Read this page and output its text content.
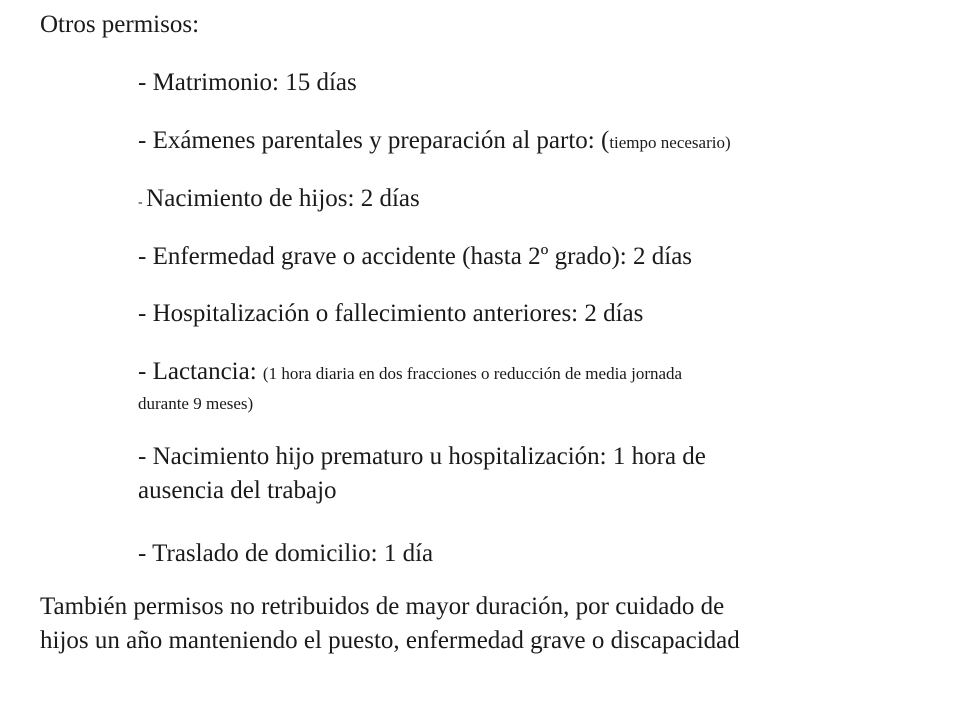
Otros permisos:

- Matrimonio: 15 días

- Exámenes parentales y preparación al parto: (tiempo necesario)

- Nacimiento de hijos: 2 días

- Enfermedad grave o accidente (hasta 2º grado): 2 días

- Hospitalización o fallecimiento anteriores: 2 días

- Lactancia: (1 hora diaria en dos fracciones o reducción de media jornada
durante 9 meses)
- Nacimiento hijo prematuro u hospitalización: 1 hora de
ausencia del trabajo

- Traslado de domicilio: 1 día

También permisos no retribuidos de mayor duración, por cuidado de
hijos un año manteniendo el puesto, enfermedad grave o discapacidad
